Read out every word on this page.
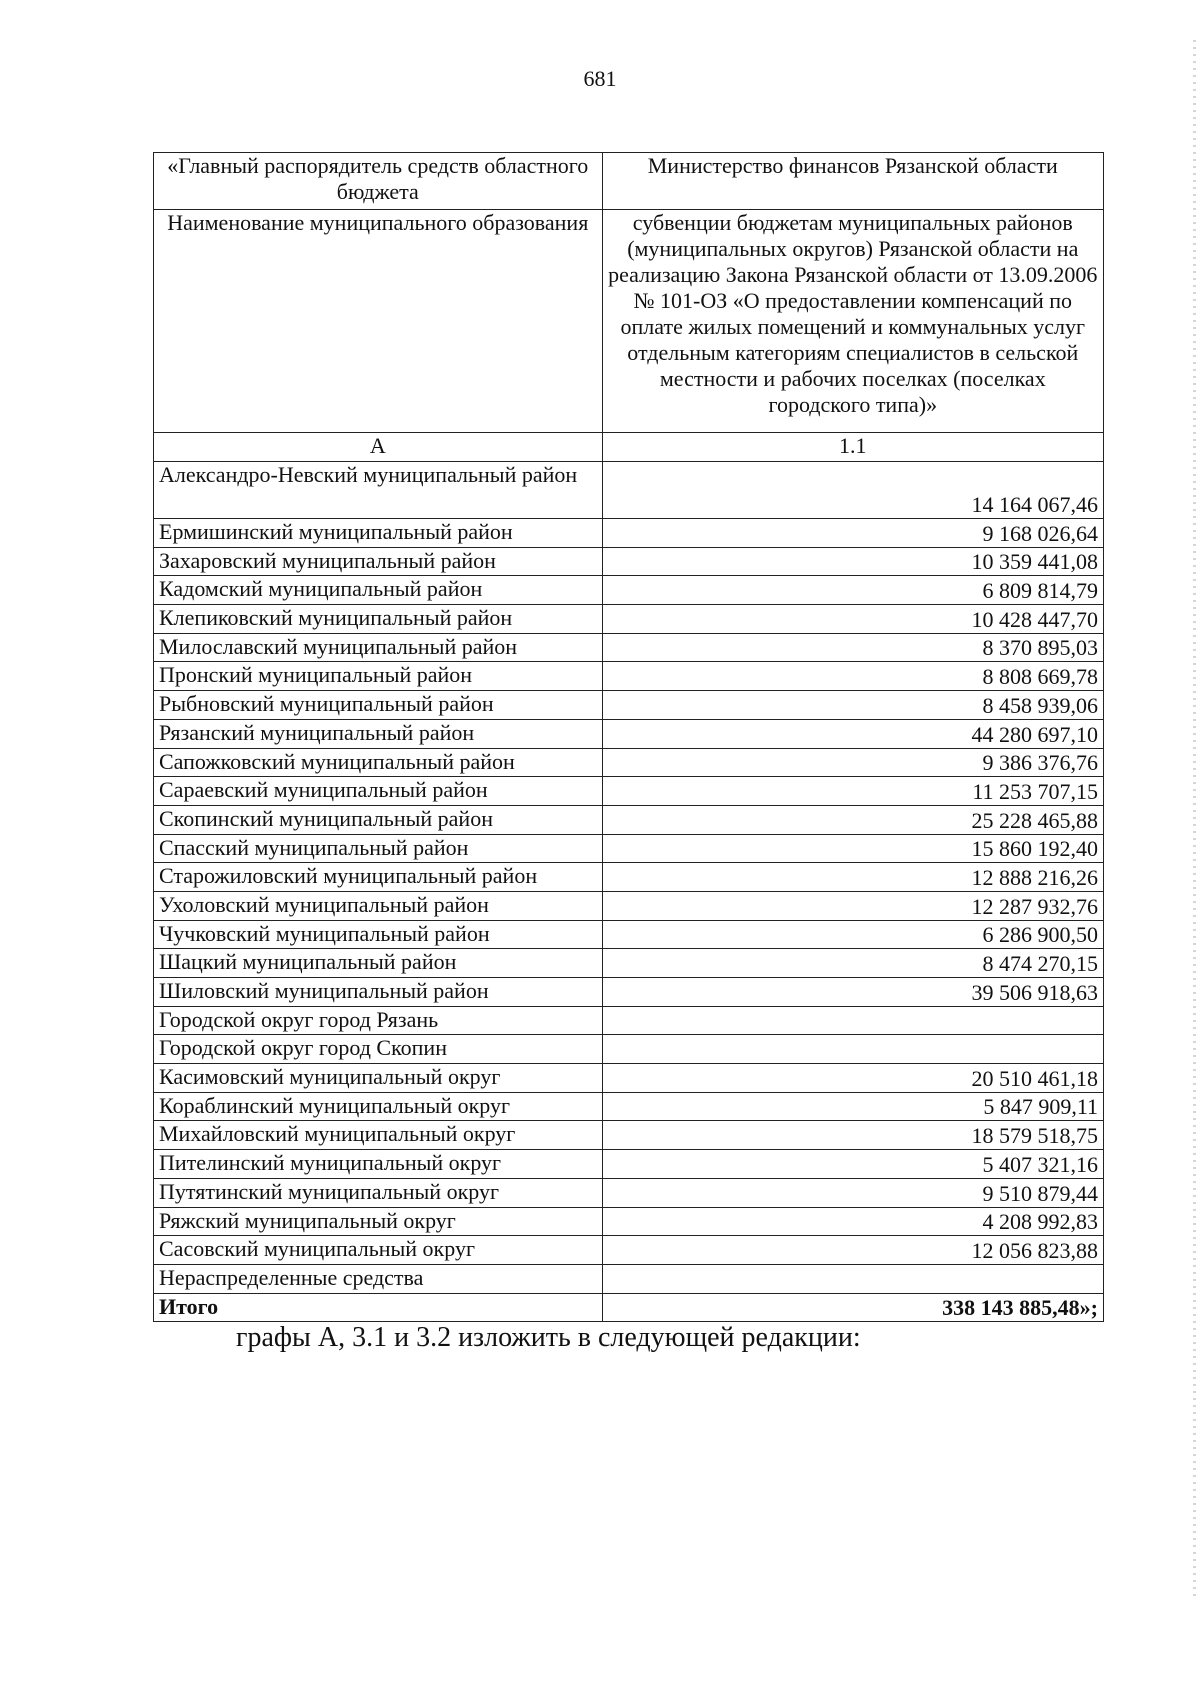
681
«Главный распорядитель средств областного бюджета	Министерство финансов Рязанской области
Наименование муниципального образования	субвенции бюджетам муниципальных районов (муниципальных округов) Рязанской области на реализацию Закона Рязанской области от 13.09.2006 № 101-ОЗ «О предоставлении компенсаций по оплате жилых помещений и коммунальных услуг отдельным категориям специалистов в сельской местности и рабочих поселках (поселках городского типа)»
А	1.1
Александро-Невский муниципальный район	14 164 067,46
Ермишинский муниципальный район	9 168 026,64
Захаровский муниципальный район	10 359 441,08
Кадомский муниципальный район	6 809 814,79
Клепиковский муниципальный район	10 428 447,70
Милославский муниципальный район	8 370 895,03
Пронский муниципальный район	8 808 669,78
Рыбновский муниципальный район	8 458 939,06
Рязанский муниципальный район	44 280 697,10
Сапожковский муниципальный район	9 386 376,76
Сараевский муниципальный район	11 253 707,15
Скопинский муниципальный район	25 228 465,88
Спасский муниципальный район	15 860 192,40
Старожиловский муниципальный район	12 888 216,26
Ухоловский муниципальный район	12 287 932,76
Чучковский муниципальный район	6 286 900,50
Шацкий муниципальный район	8 474 270,15
Шиловский муниципальный район	39 506 918,63
Городской округ город Рязань	
Городской округ город Скопин	
Касимовский муниципальный округ	20 510 461,18
Кораблинский муниципальный округ	5 847 909,11
Михайловский муниципальный округ	18 579 518,75
Пителинский муниципальный округ	5 407 321,16
Путятинский муниципальный округ	9 510 879,44
Ряжский муниципальный округ	4 208 992,83
Сасовский муниципальный округ	12 056 823,88
Нераспределенные средства	
Итого	338 143 885,48»;
графы А, 3.1 и 3.2 изложить в следующей редакции:
